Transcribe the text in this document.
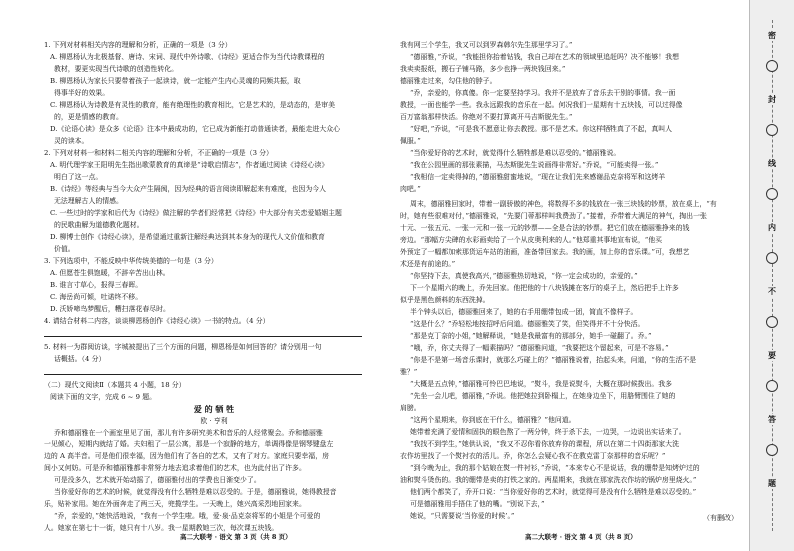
1. 下列对材料相关内容的理解和分析，正确的一项是（3 分）

A. 柳恩杨认为北极基督、唐诗、宋词、现代中外诗歌、《诗经》更适合作为当代诗教课程的

教材，要更实现当代诗歌的创造性转化。

B. 柳恩杨认为家长只要带着孩子一起读诗，就一定能产生内心灵魂的同频共振，取

得事半好的效果。

C. 柳恩杨认为诗教是有灵性的教育，能有绝理性的教育相比，它是艺术的，是动态的，是审美

的，更是情感的教育。

D.《论语心读》是众多《论语》注本中最成功的，它已成为新能打动普通读者，最能走进大众心

灵的读本。

2. 下列对材料一和材料二相关内容的理解和分析，不正确的一项是（3 分）

A. 明代理学家王阳明先生指出歌蒙教育的真谛是“诗歌启情志”，作者通过阅读《诗经心读》

明白了这一点。

B.《诗经》等经典与当今大众产生隔阂，因为经典的语言阅读即解起来有难度，也因为今人

无法理解古人的情感。

C. 一些过时的学家和后代为《诗经》做注解的学者们经常把《诗经》中大部分有关恋爱婚姻主题

的民歌曲解为道德教化题材。

D. 柳博士创作《诗经心读》，是希望通过重新注解经典达到其本身为的现代人文价值和教育

价值。

3. 下列选项中，不能反映中华传统美德的一句是（3 分）

A. 但愿苍生俱饱暖，不辞辛苦出山林。

B. 谁言寸草心，报得三春晖。

C. 海岳尚可倾，吐诺终不移。

D. 沃娇啼鸟梦醒后，糟扫落花春尽时。

4. 请结合材料二内容，谈谈柳恩杨创作《诗经心读》一书的特点。（4 分）

5. 材料一为群阅访谈，字城被提出了三个方面的问题，柳恩杨是如何回答的？请分别用一句

话概括。（4 分）

（二）现代文阅读Ⅱ（本题共 4 小题，18 分）

阅读下面的文字，完成 6 ~ 9 题。

爱 的 牺 牲

欧 · 亨利

乔和德丽雅在一个画室里见了面，那儿有许多研究美术和音乐的人经常聚会。乔和德丽雅

一见倾心，短期内就结了婚。夫妇租了一层公寓，那是一个寂静的地方，单调得像是钢琴键盘左

边的 A 高半音。可是他们很幸福，因为他们有了各自的艺术，又有了对方。家庭只要幸福，房

间小又何妨。可是乔和德丽雅都非常努力地去追求着他们的艺术，也为此付出了许多。

可是没多久，艺术就开始动摇了，德丽雅付出的学费也日渐变少了。

当你爱好你的艺术的时候，就觉得没有什么牺牲是难以忍受的。于是，德丽雅说，她得教授音

乐，贴补家用。她在外面奔走了两三天，兜揽学生。一天晚上，她兴高采烈地回家来。

“乔，亲爱的，”她快活地说，“我有一个学生啦。哦，爱·泉·品克奈将军的小姐是个可爱的

人。她家在第七十一街，她只有十八岁。我一星期教她三次，每次课五块钱。

我有网三个学生，我又可以到罗森韩尔先生那里学习了。”

“德丽雅，”乔说，“我能担你抬着钻钱，我自己却在艺术的领域里追赶吗？决不能够！我想

我卖卖报纸，搬石子铺马路，多少也挣一两块钱回来。”

德丽雅走过来，勾住他的脖子。

“乔，亲爱的，你真傻。你一定要坚持学习。我并不是放弃了音乐去干别的事情。我一面

教授，一面也能学一些。我永远跟我的音乐在一起。何况我们一星期有十五块钱，可以过得像

百万富翁那样快活。你绝对不要打算离开马吉斯脱先生。”

“好吧，”乔说，“可是我不愿意让你去教授。那不是艺术。你这样牺牲真了不起，真叫人

佩服。”

“当你爱好你的艺术时，就觉得什么牺牲都是难以忍受的。”德丽雅说。

“我在公园里画的那张素描，马杰斯脱先生说画得非常好。”乔说，“可能卖得一张。”

“我相信一定卖得掉的，”德丽雅甜蜜地说，“现在让我们先来感谢品克奈将军和这烤羊

肉吧。”

周末，德丽雅回家时，带着一副骄傲的神色，将数得不多的钱放在一张三块钱的钞票，放在桌上，“有

时，她有些很难对付，”德丽雅说，“先要门蒂那样叫我费劲了。”接着，乔带着大满足的神气，掏出一张

十元、一张五元、一张一元和一张一元的钞票——全是合法的钞票。把它们放在德丽雅挣来的钱

旁边。“那幅方尖碑的水彩画卖给了一个从皮奥利来的人。”他郑重其事地宣布说，“他买

外预定了一幅都加索那货运车站的油画，准备带回家去。我的画，加上你的音乐课。”可，我想艺

术还是有前途的。”

“你坚持下去，真使我高兴，”德丽雅热切地说，“你一定会成功的，亲爱的。”

下一个星期六的晚上，乔先回家。他把他的十八块钱摊在客厅的桌子上，然后把手上许多

似乎是黑色颜料的东西洗掉。

半个钟头以后，德丽雅回来了，她的右手用绷带包成一团，简直不像样子。

“这是什么？”乔轻松地按招呼后问道。德丽雅笑了笑，但笑得并不十分快活。

“那是克丁奈的小姐，”她解释说，“她是我最富有的那部分，她手一碰翻了。乔。”

“哦，乔，你丈夫得了一幅素描吗？”德丽雅问道，“我要把这个留起来，可是不容易。”

“你是不是第一场音乐课时，就那么巧碰上的？”德丽雅说着，抬起头来，问道，“你的生活不是

雅？”

“大概是五点钟，”德丽雅可怜巴巴地说，“熨斗，我是说熨斗，大概在那时候拨出。我多

“先坐一会儿吧，德丽雅，”乔说。他把她拉到卧榻上，在她身边坐下，用胳臂围住了她的

肩膀。

“这两个星期来，你到底在干什么，德丽雅？”他问道。

她带着充满了爱情和固执的眼色熬了一两分钟，终于杀下去，一边哭，一边说出实话来了。

“我找不到学生，”她供认说，“我又不忍你看你放弃你的课程，所以在第二十四街那家大洗

衣作坊里找了一个熨衬衣的活儿。乔，你怎么会疑心我不在教克雷丁奈那样的音乐呢？”

“到今晚为止，我的那个姑娘在熨一件衬衫，”乔说，“本来专心不是说话，我的绷带是知烤炉过的

油和熨斗烫伤的。我的绷带是卖的打铁之家的。两星期来，我就在那家洗衣作坊的锅炉房里烧火。”

他们两个都笑了，乔开口说：“当你爱好你的艺术时，就觉得可是没有什么牺牲是难以忍受的。”

可是德丽雅用手捂住了他的嘴。“别说下去，”

她说，“只需要说‘当你爱的时候’。”	（有删改）
高二大联考 · 语文 第 3 页（共 8 页）	高二大联考 · 语文 第 4 页（共 8 页）
密
封
线
内
不
要
答
题
